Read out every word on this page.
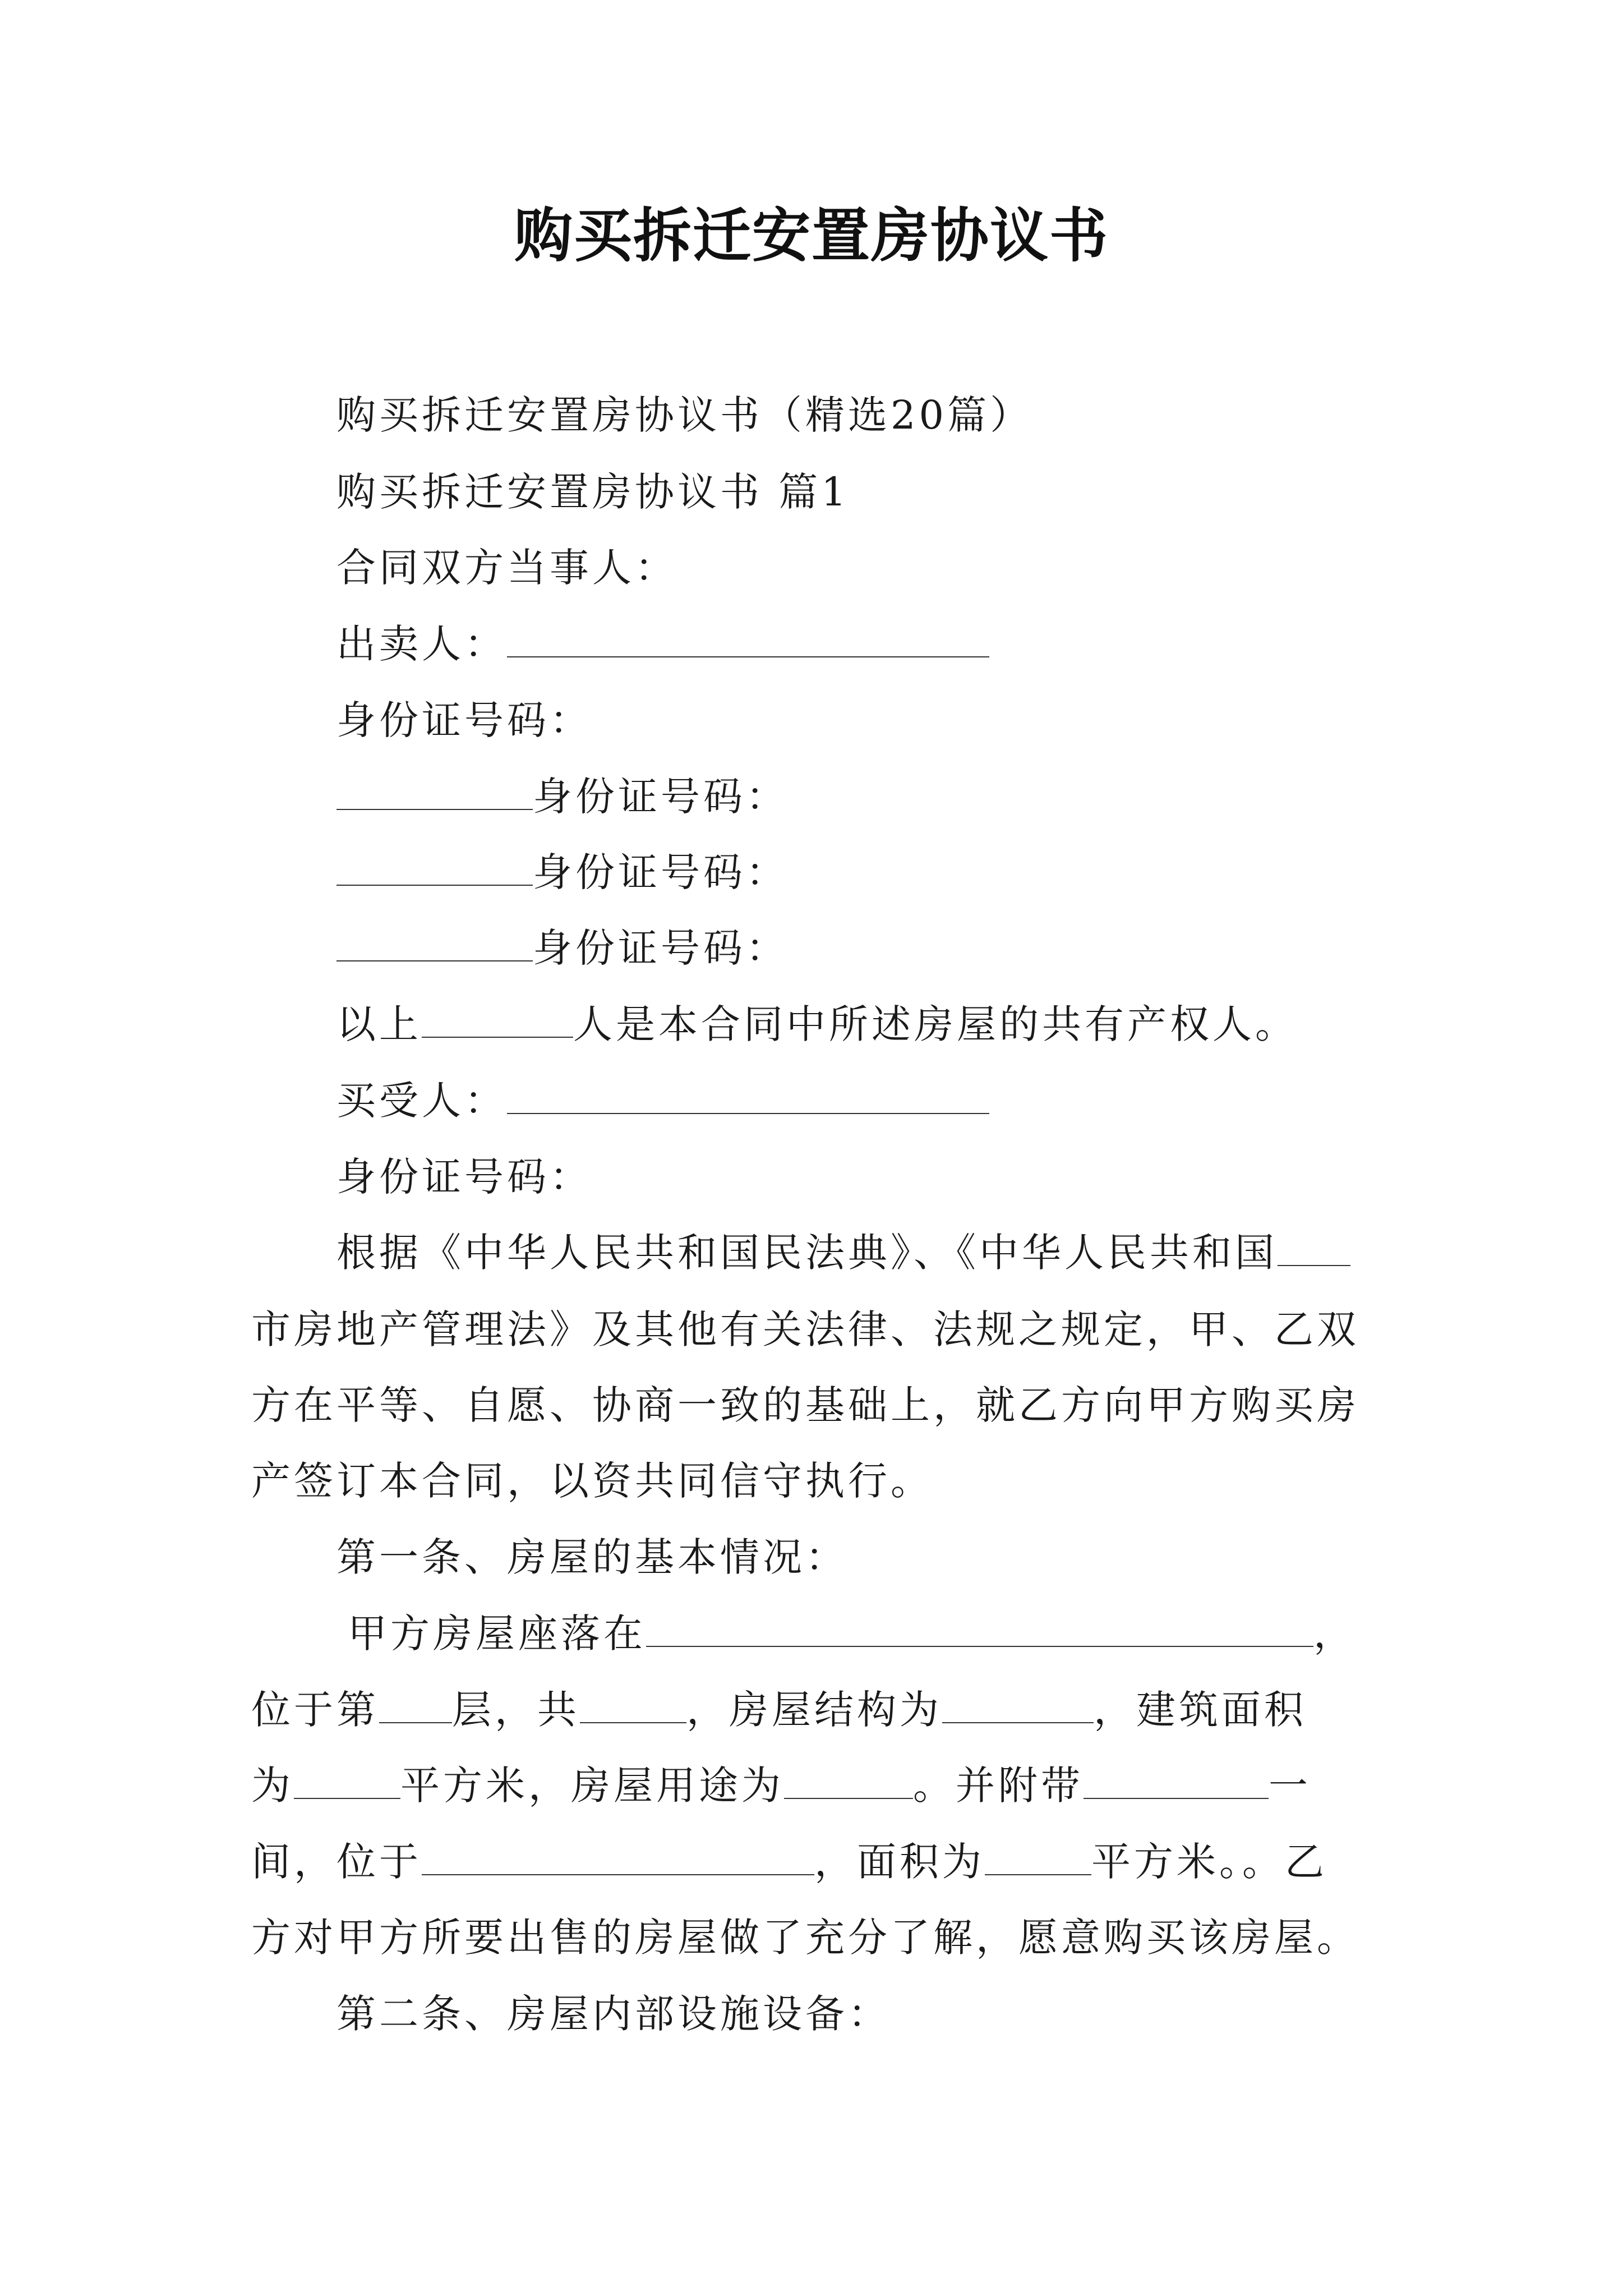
购买拆迁安置房协议书
购买拆迁安置房协议书（精选20篇）
购买拆迁安置房协议书 篇1
合同双方当事人：
出卖人：
身份证号码：
身份证号码：
身份证号码：
身份证号码：
以上	人是本合同中所述房屋的共有产权人。
买受人：
身份证号码：
根据《中华人民共和国民法典》、《中华人民共和国
市房地产管理法》及其他有关法律、法规之规定，甲、乙双
方在平等、自愿、协商一致的基础上，就乙方向甲方购买房
产签订本合同，以资共同信守执行。
第一条、房屋的基本情况：
甲方房屋座落在	，
位于第 层，共	，房屋结构为	，建筑面积
为	平方米，房屋用途为	。并附带	一
间，位于	，面积为	平方米。。乙
方对甲方所要出售的房屋做了充分了解，愿意购买该房屋。
第二条、房屋内部设施设备：
